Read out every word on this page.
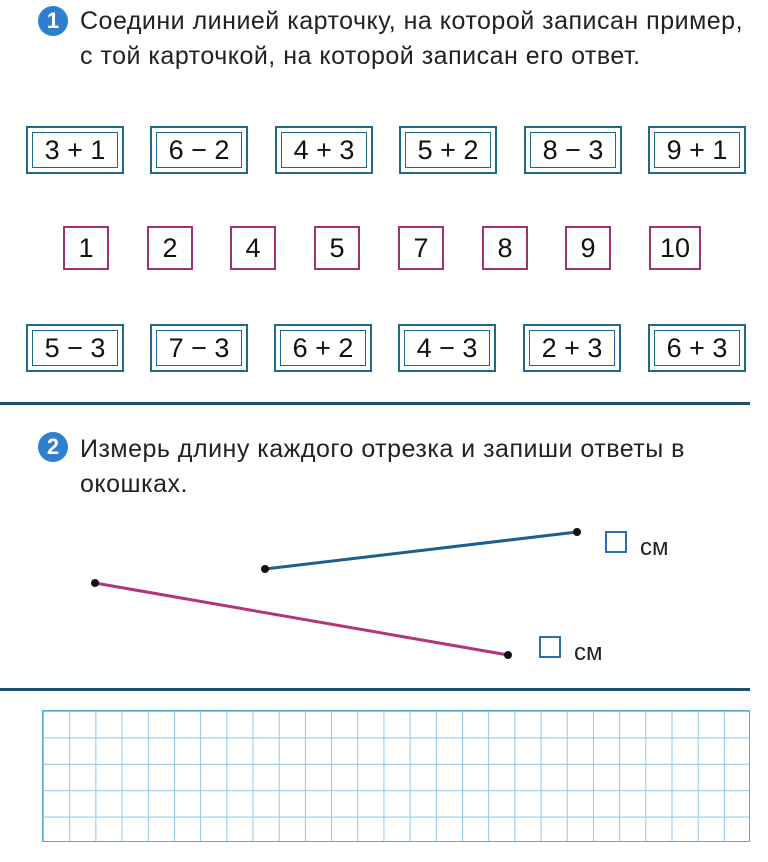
1 Соедини линией карточку, на которой записан пример, с той карточкой, на которой записан его ответ.
3 + 1	6 − 2	4 + 3	5 + 2	8 − 3	9 + 1
1	2	4	5	7	8	9	10
5 − 3	7 − 3	6 + 2	4 − 3	2 + 3	6 + 3
2 Измерь длину каждого отрезка и запиши ответы в окошках.
см
см
